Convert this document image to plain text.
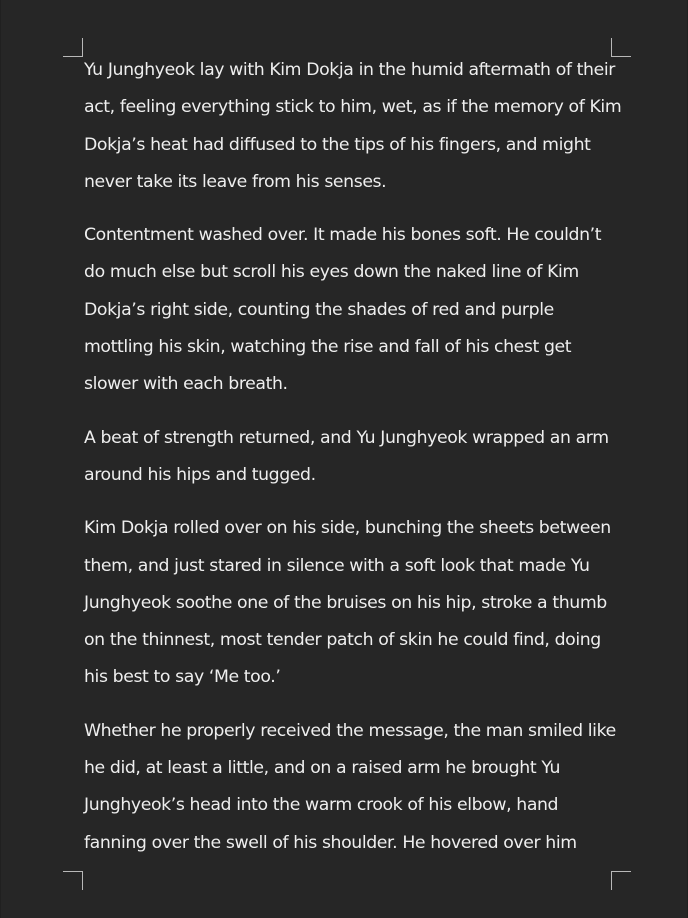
Yu Junghyeok lay with Kim Dokja in the humid aftermath of their act, feeling everything stick to him, wet, as if the memory of Kim Dokja’s heat had diffused to the tips of his fingers, and might never take its leave from his senses.

Contentment washed over. It made his bones soft. He couldn’t do much else but scroll his eyes down the naked line of Kim Dokja’s right side, counting the shades of red and purple mottling his skin, watching the rise and fall of his chest get slower with each breath.

A beat of strength returned, and Yu Junghyeok wrapped an arm around his hips and tugged.

Kim Dokja rolled over on his side, bunching the sheets between them, and just stared in silence with a soft look that made Yu Junghyeok soothe one of the bruises on his hip, stroke a thumb on the thinnest, most tender patch of skin he could find, doing his best to say ‘Me too.’

Whether he properly received the message, the man smiled like he did, at least a little, and on a raised arm he brought Yu Junghyeok’s head into the warm crook of his elbow, hand fanning over the swell of his shoulder. He hovered over him
